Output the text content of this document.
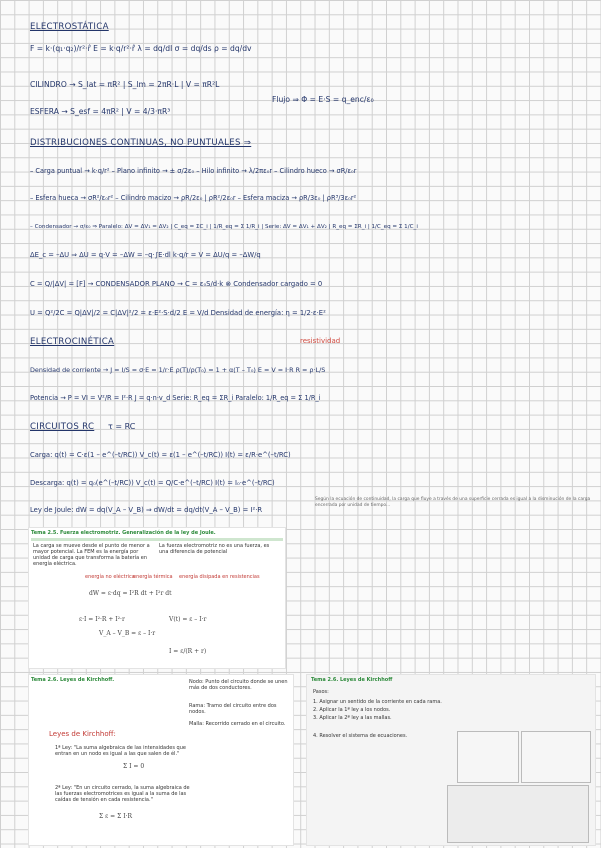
ELECTROSTÁTICA
F = k·(q₁·q₂)/r²·r̂ E = k·q/r²·r̂ λ = dq/dl σ = dq/ds ρ = dq/dv
CILINDRO → S_lat = πR² | S_lm = 2πR·L | V = πR²L
ESFERA → S_esf = 4πR² | V = 4/3·πR³
Flujo ⇒ Φ = E·S = q_enc/ε₀
DISTRIBUCIONES CONTINUAS, NO PUNTUALES ⇒
– Carga puntual → k·q/r² – Plano infinito → ± σ/2ε₀ – Hilo infinito → λ/2πε₀r – Cilindro hueco → σR/ε₀r
– Esfera hueca → σR²/ε₀r² – Cilindro macizo → ρR/2ε₀ | ρR²/2ε₀r – Esfera maciza → ρR/3ε₀ | ρR³/3ε₀r²
– Condensador → σ/ε₀ ⇒ Paralelo: ΔV = ΔV₁ = ΔV₂ | C_eq = ΣC_i | 1/R_eq = Σ 1/R_i | Serie: ΔV = ΔV₁ + ΔV₂ | R_eq = ΣR_i | 1/C_eq = Σ 1/C_i
ΔE_c = –ΔU ⇒ ΔU = q·V = –ΔW = –q·∫E·dl k·q/r = V = ΔU/q = –ΔW/q
C = Q/|ΔV| = [F] → CONDENSADOR PLANO → C = ε₀S/d·k ⊗ Condensador cargado = 0
U = Q²/2C = Q|ΔV|/2 = C|ΔV|²/2 = ε·E²·S·d/2 E = V/d Densidad de energía: η = 1/2·ε·E²
ELECTROCINÉTICA	resistividad
Densidad de corriente → J = I/S = σ·E = 1/r·E ρ(T)/ρ(T₀) = 1 + α(T – T₀) E = V = I·R R = ρ·L/S
Potencia → P = VI = V²/R = I²·R J = q·n·v_d Serie: R_eq = ΣR_i Paralelo: 1/R_eq = Σ 1/R_i
CIRCUITOS RC τ = RC
Carga: q(t) = C·ε(1 – e^(–t/RC)) V_c(t) = ε(1 – e^(–t/RC)) I(t) = ε/R·e^(–t/RC)
Descarga: q(t) = q₀(e^(–t/RC)) V_c(t) = Q/C·e^(–t/RC) I(t) = I₀·e^(–t/RC)
Ley de Joule: dW = dq(V_A – V_B) ⇒ dW/dt = dq/dt(V_A – V_B) = I²·R
Según la ecuación de continuidad, la carga que fluye a través de una superficie cerrada es igual a la disminución de la carga encerrada por unidad de tiempo...
Tema 2.5. Fuerza electromotriz. Generalización de la ley de Joule.
La carga se mueve desde el punto de menor a mayor potencial. La FEM es la energía por unidad de carga que transforma la batería en energía eléctrica.
La fuerza electromotriz no es una fuerza, es una diferencia de potencial
energía no eléctrica
energía térmica energía disipada en resistencias
dW = ε·dq = I²R dt + I²r dt
ε·I = I²·R + I²·r	V(t) = ε – I·r
V_A – V_B = ε – I·r
I = ε/(R + r)
Tema 2.6. Leyes de Kirchhoff.	Nodo: Punto del circuito donde se unen más de dos conductores.
Rama: Tramo del circuito entre dos nodos.
Malla: Recorrido cerrado en el circuito.
Leyes de Kirchhoff:
1ª Ley: "La suma algebraica de las intensidades que entran en un nodo es igual a las que salen de él."
Σ I = 0
2ª Ley: "En un circuito cerrado, la suma algebraica de las fuerzas electromotrices es igual a la suma de las caídas de tensión en cada resistencia."
Σ ε = Σ I·R
Tema 2.6. Leyes de Kirchhoff
Pasos:
1. Asignar un sentido de la corriente en cada rama.
2. Aplicar la 1ª ley a los nodos.
3. Aplicar la 2ª ley a las mallas.
4. Resolver el sistema de ecuaciones.
